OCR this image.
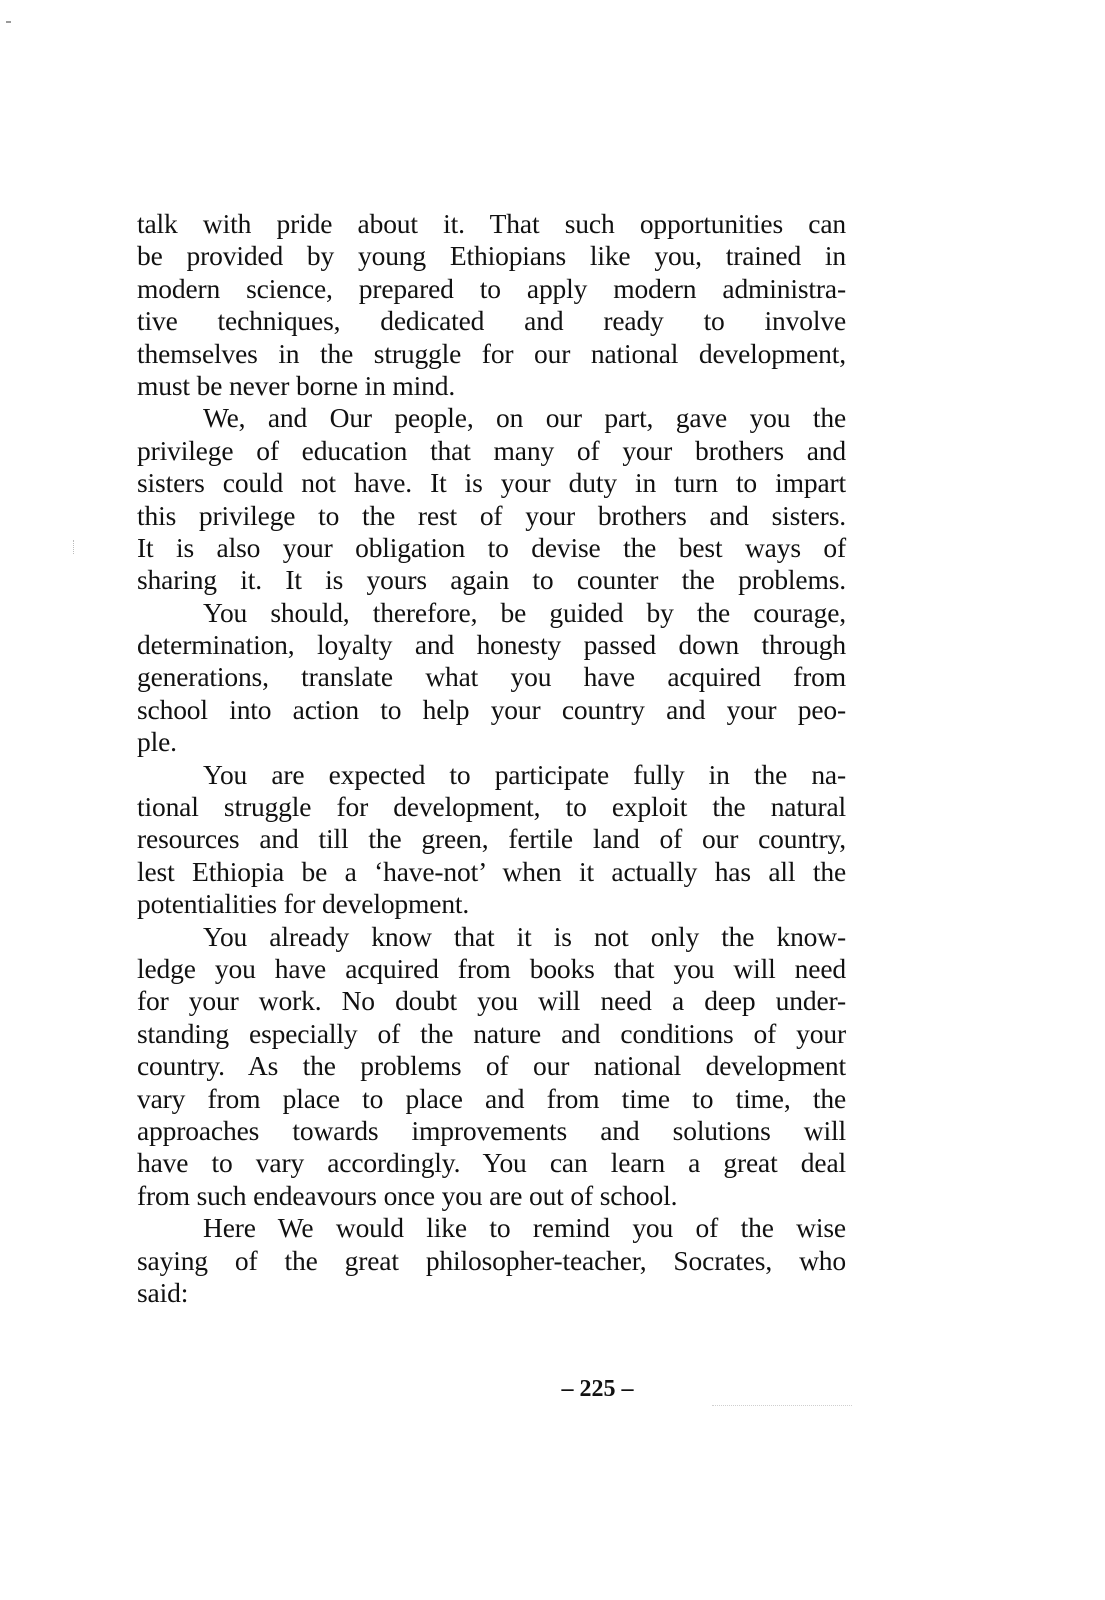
talk with pride about it. That such opportunities can
be provided by young Ethiopians like you, trained in
modern science, prepared to apply modern administra-
tive techniques, dedicated and ready to involve
themselves in the struggle for our national development,
must be never borne in mind.

We, and Our people, on our part, gave you the
privilege of education that many of your brothers and
sisters could not have. It is your duty in turn to impart
this privilege to the rest of your brothers and sisters.
It is also your obligation to devise the best ways of
sharing it. It is yours again to counter the problems.

You should, therefore, be guided by the courage,
determination, loyalty and honesty passed down through
generations, translate what you have acquired from
school into action to help your country and your peo-
ple.

You are expected to participate fully in the na-
tional struggle for development, to exploit the natural
resources and till the green, fertile land of our country,
lest Ethiopia be a ‘have-not’ when it actually has all the
potentialities for development.

You already know that it is not only the know-
ledge you have acquired from books that you will need
for your work. No doubt you will need a deep under-
standing especially of the nature and conditions of your
country. As the problems of our national development
vary from place to place and from time to time, the
approaches towards improvements and solutions will
have to vary accordingly. You can learn a great deal
from such endeavours once you are out of school.

Here We would like to remind you of the wise
saying of the great philosopher-teacher, Socrates, who
said:

– 225 –
